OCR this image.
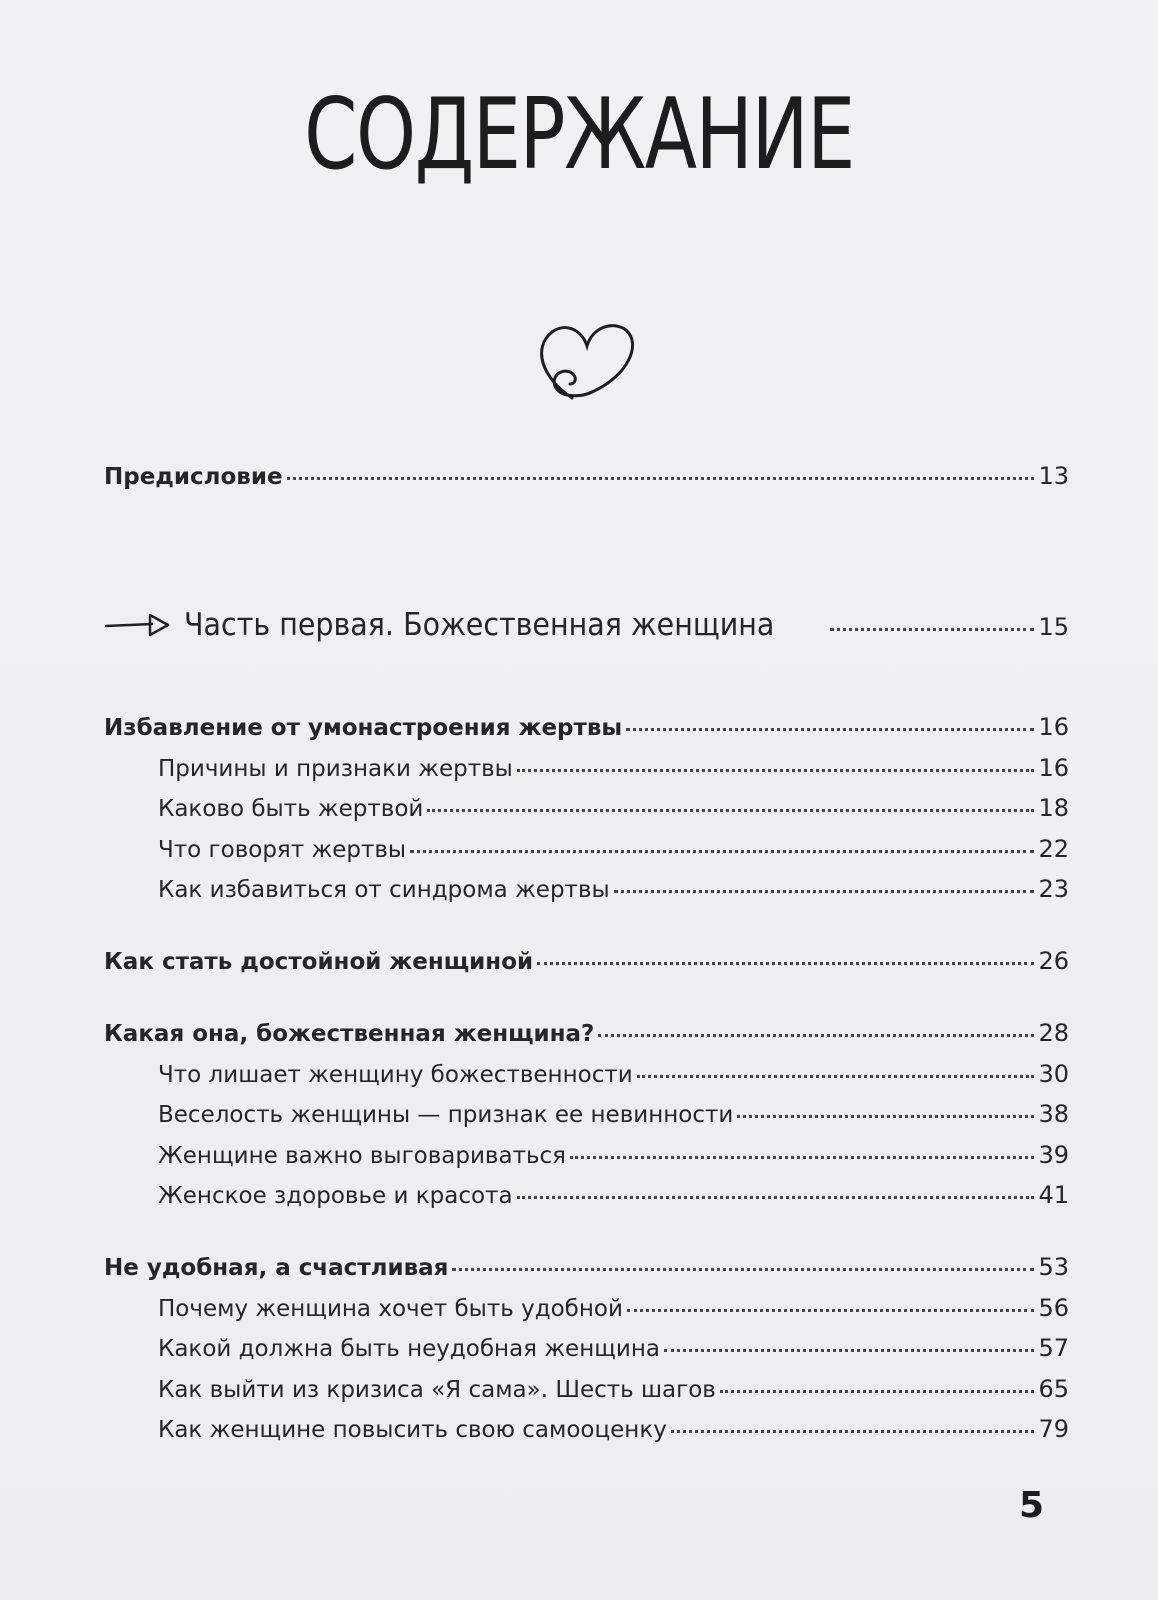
СОДЕРЖАНИЕ
Предисловие	13
Часть первая. Божественная женщина	15
Избавление от умонастроения жертвы	16
Причины и признаки жертвы	16
Каково быть жертвой	18
Что говорят жертвы	22
Как избавиться от синдрома жертвы	23
Как стать достойной женщиной	26
Какая она, божественная женщина?	28
Что лишает женщину божественности	30
Веселость женщины — признак ее невинности	38
Женщине важно выговариваться	39
Женское здоровье и красота	41
Не удобная, а счастливая	53
Почему женщина хочет быть удобной	56
Какой должна быть неудобная женщина	57
Как выйти из кризиса «Я сама». Шесть шагов	65
Как женщине повысить свою самооценку	79
5
